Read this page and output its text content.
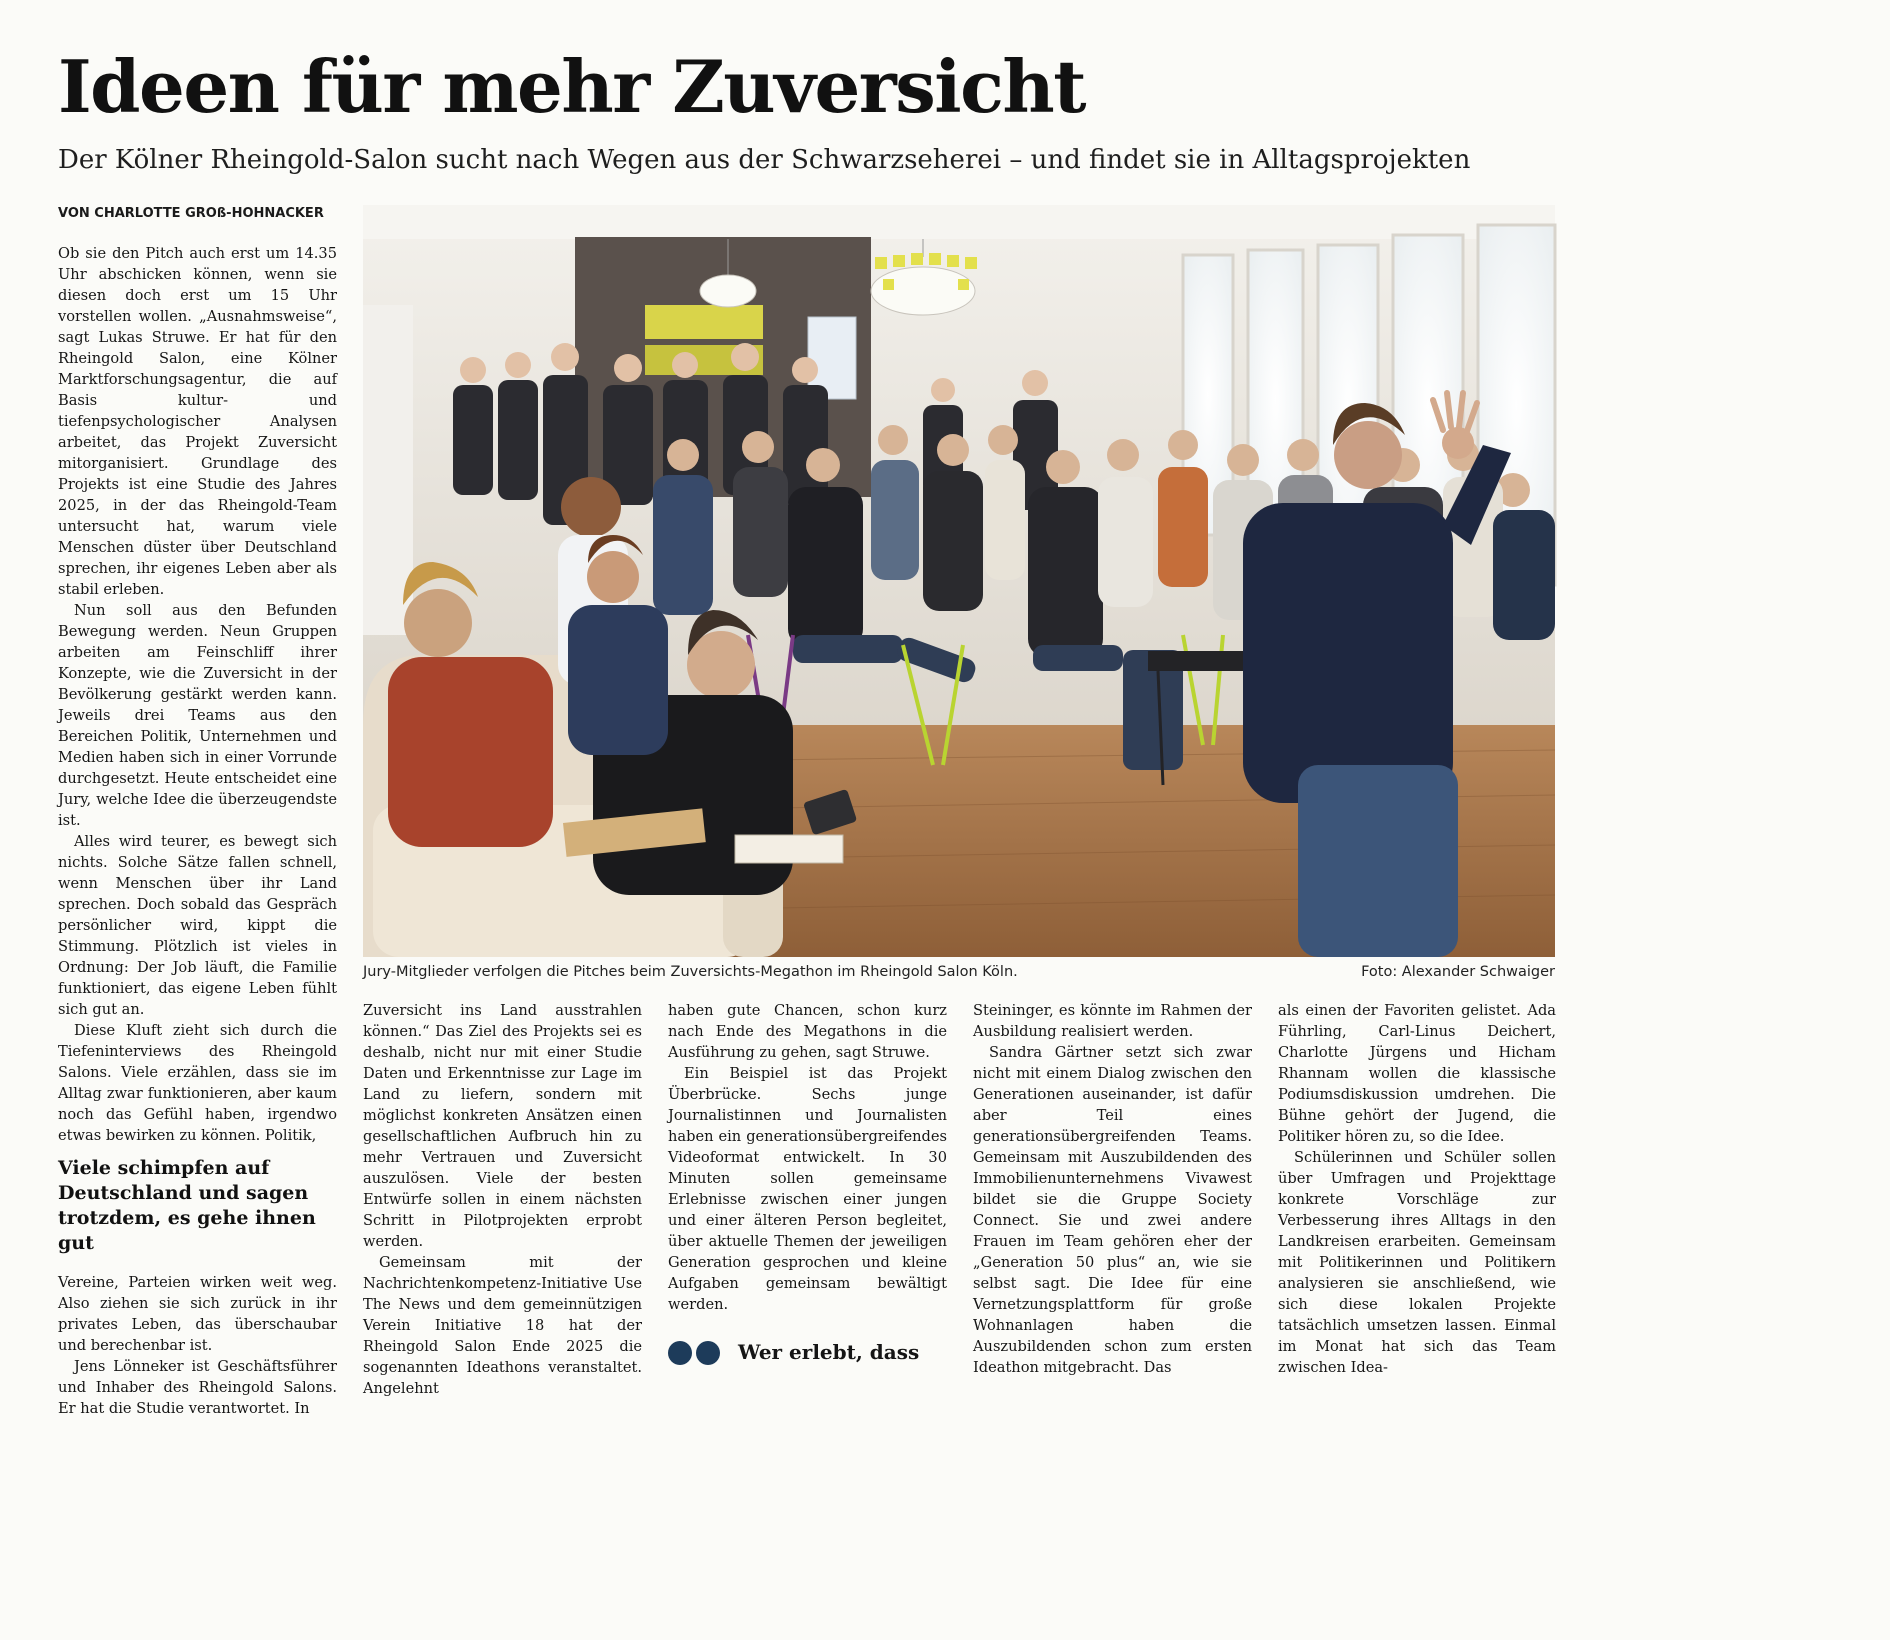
Ideen für mehr Zuversicht

Der Kölner Rheingold-Salon sucht nach Wegen aus der Schwarzseherei – und findet sie in Alltagsprojekten

VON CHARLOTTE GROß-HOHNACKER

Ob sie den Pitch auch erst um 14.35 Uhr abschicken können, wenn sie diesen doch erst um 15 Uhr vorstellen wollen. „Ausnahmsweise“, sagt Lukas Struwe. Er hat für den Rheingold Salon, eine Kölner Marktforschungsagentur, die auf Basis kultur- und tiefenpsychologischer Analysen arbeitet, das Projekt Zuversicht mitorganisiert. Grundlage des Projekts ist eine Studie des Jahres 2025, in der das Rheingold-Team untersucht hat, warum viele Menschen düster über Deutschland sprechen, ihr eigenes Leben aber als stabil erleben.

Nun soll aus den Befunden Bewegung werden. Neun Gruppen arbeiten am Feinschliff ihrer Konzepte, wie die Zuversicht in der Bevölkerung gestärkt werden kann. Jeweils drei Teams aus den Bereichen Politik, Unternehmen und Medien haben sich in einer Vorrunde durchgesetzt. Heute entscheidet eine Jury, welche Idee die überzeugendste ist.

Alles wird teurer, es bewegt sich nichts. Solche Sätze fallen schnell, wenn Menschen über ihr Land sprechen. Doch sobald das Gespräch persönlicher wird, kippt die Stimmung. Plötzlich ist vieles in Ordnung: Der Job läuft, die Familie funktioniert, das eigene Leben fühlt sich gut an.

Diese Kluft zieht sich durch die Tiefeninterviews des Rheingold Salons. Viele erzählen, dass sie im Alltag zwar funktionieren, aber kaum noch das Gefühl haben, irgendwo etwas bewirken zu können. Politik,

Viele schimpfen auf Deutschland und sagen trotzdem, es gehe ihnen gut

Vereine, Parteien wirken weit weg. Also ziehen sie sich zurück in ihr privates Leben, das überschaubar und berechenbar ist.

Jens Lönneker ist Geschäftsführer und Inhaber des Rheingold Salons. Er hat die Studie verantwortet. In

Jury-Mitglieder verfolgen die Pitches beim Zuversichts-Megathon im Rheingold Salon Köln.	Foto: Alexander Schwaiger

Zuversicht ins Land ausstrahlen können.“ Das Ziel des Projekts sei es deshalb, nicht nur mit einer Studie Daten und Erkenntnisse zur Lage im Land zu liefern, sondern mit möglichst konkreten Ansätzen einen gesellschaftlichen Aufbruch hin zu mehr Vertrauen und Zuversicht auszulösen. Viele der besten Entwürfe sollen in einem nächsten Schritt in Pilotprojekten erprobt werden.

Gemeinsam mit der Nachrichtenkompetenz-Initiative Use The News und dem gemeinnützigen Verein Initiative 18 hat der Rheingold Salon Ende 2025 die sogenannten Ideathons veranstaltet. Angelehnt

haben gute Chancen, schon kurz nach Ende des Megathons in die Ausführung zu gehen, sagt Struwe.

Ein Beispiel ist das Projekt Überbrücke. Sechs junge Journalistinnen und Journalisten haben ein generationsübergreifendes Videoformat entwickelt. In 30 Minuten sollen gemeinsame Erlebnisse zwischen einer jungen und einer älteren Person begleitet, über aktuelle Themen der jeweiligen Generation gesprochen und kleine Aufgaben gemeinsam bewältigt werden.

Wer erlebt, dass

Steininger, es könnte im Rahmen der Ausbildung realisiert werden.

Sandra Gärtner setzt sich zwar nicht mit einem Dialog zwischen den Generationen auseinander, ist dafür aber Teil eines generationsübergreifenden Teams. Gemeinsam mit Auszubildenden des Immobilienunternehmens Vivawest bildet sie die Gruppe Society Connect. Sie und zwei andere Frauen im Team gehören eher der „Generation 50 plus“ an, wie sie selbst sagt. Die Idee für eine Vernetzungsplattform für große Wohnanlagen haben die Auszubildenden schon zum ersten Ideathon mitgebracht. Das

als einen der Favoriten gelistet. Ada Führling, Carl-Linus Deichert, Charlotte Jürgens und Hicham Rhannam wollen die klassische Podiumsdiskussion umdrehen. Die Bühne gehört der Jugend, die Politiker hören zu, so die Idee.

Schülerinnen und Schüler sollen über Umfragen und Projekttage konkrete Vorschläge zur Verbesserung ihres Alltags in den Landkreisen erarbeiten. Gemeinsam mit Politikerinnen und Politikern analysieren sie anschließend, wie sich diese lokalen Projekte tatsächlich umsetzen lassen. Einmal im Monat hat sich das Team zwischen Idea-
